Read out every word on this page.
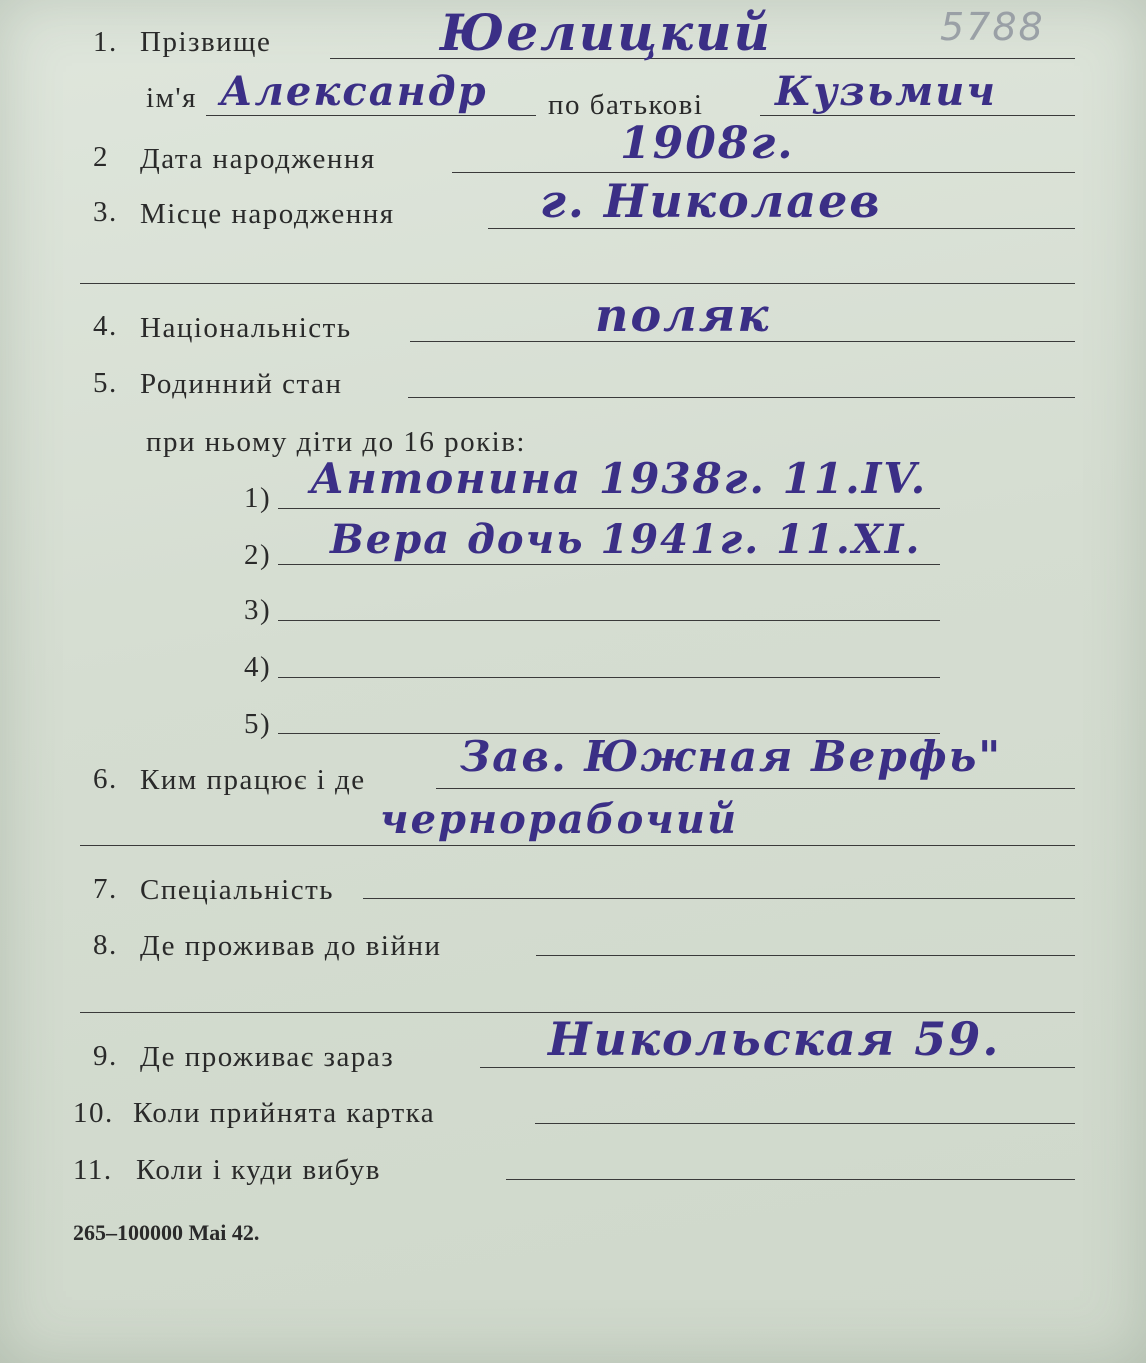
5788
1. Прізвище	Юелицкий
ім'я Александр по батькові Кузьмич
2 Дата народження	1908г.
3. Місце народження	г. Николаев
4. Національність	поляк
5. Родинний стан
при ньому діти до 16 років:
1) Антонина 1938г. 11.IV.
2) Вера дочь 1941г. 11.XI.
3)
4)
5)
6. Ким працює і де Зав. Южная Верфь"
чернорабочий
7. Спеціальність
8. Де проживав до війни
9. Де проживає зараз	Никольская 59.
10. Коли прийнята картка
11. Коли і куди вибув
265–100000 Mai 42.
